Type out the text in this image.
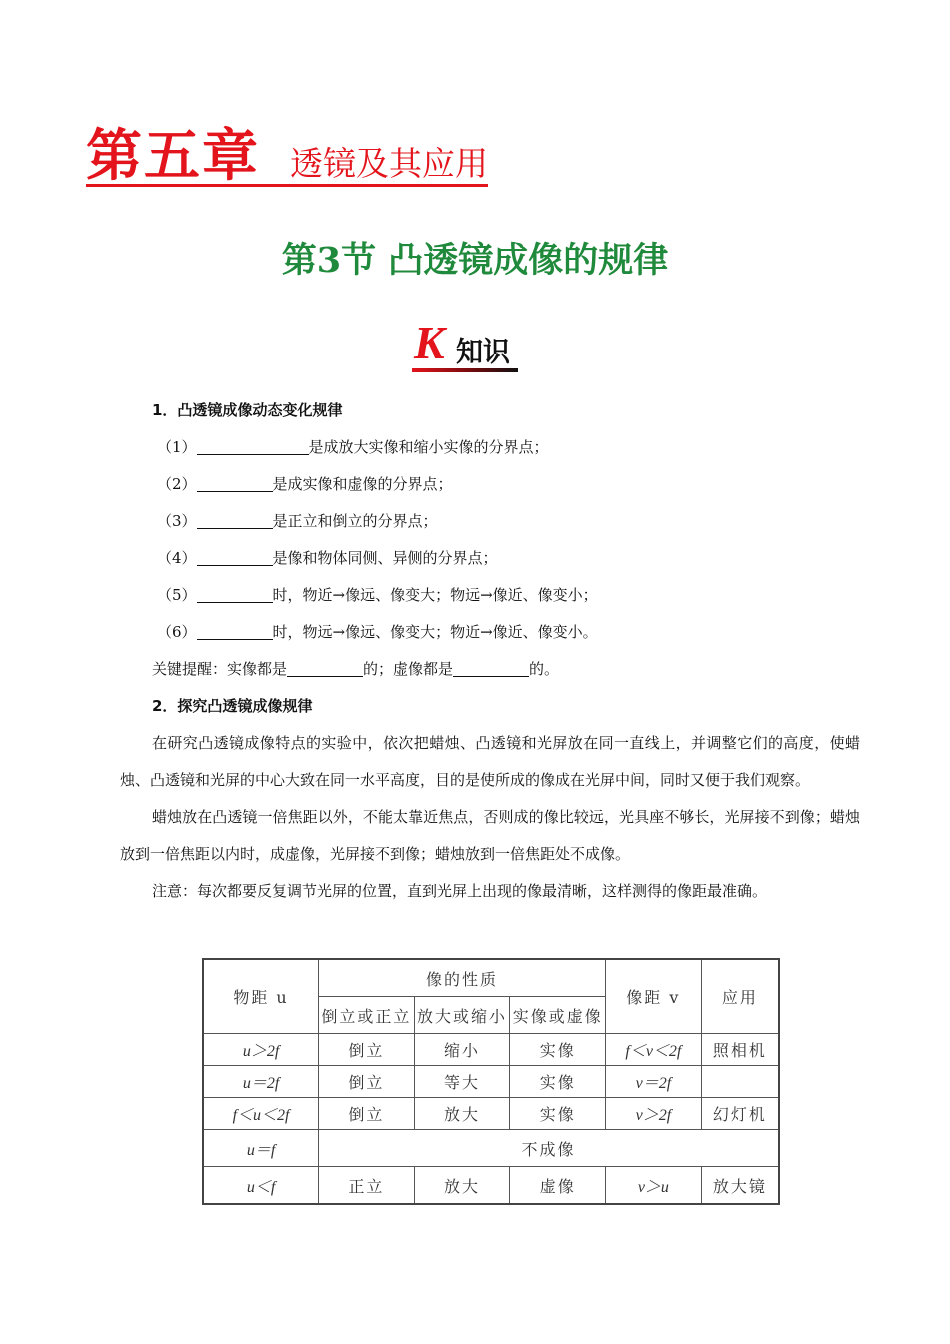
第五章 透镜及其应用
第3节 凸透镜成像的规律
K 知识
1．凸透镜成像动态变化规律
（1）	是成放大实像和缩小实像的分界点；
（2）	是成实像和虚像的分界点；
（3）	是正立和倒立的分界点；
（4）	是像和物体同侧、异侧的分界点；
（5）	时，物近→像远、像变大；物远→像近、像变小；
（6）	时，物远→像远、像变大；物近→像近、像变小。
关键提醒：实像都是	的；虚像都是	的。
2．探究凸透镜成像规律
在研究凸透镜成像特点的实验中，依次把蜡烛、凸透镜和光屏放在同一直线上，并调整它们的高度，使蜡烛、凸透镜和光屏的中心大致在同一水平高度，目的是使所成的像成在光屏中间，同时又便于我们观察。
蜡烛放在凸透镜一倍焦距以外，不能太靠近焦点，否则成的像比较远，光具座不够长，光屏接不到像；蜡烛放到一倍焦距以内时，成虚像，光屏接不到像；蜡烛放到一倍焦距处不成像。
注意：每次都要反复调节光屏的位置，直到光屏上出现的像最清晰，这样测得的像距最准确。
物距 u	像的性质			像距 v	应用
	倒立或正立	放大或缩小	实像或虚像		
u＞2f	倒立	缩小	实像	f＜v＜2f	照相机
u＝2f	倒立	等大	实像	v＝2f	
f＜u＜2f	倒立	放大	实像	v＞2f	幻灯机
u＝f	不成像				
u＜f	正立	放大	虚像	v＞u	放大镜
